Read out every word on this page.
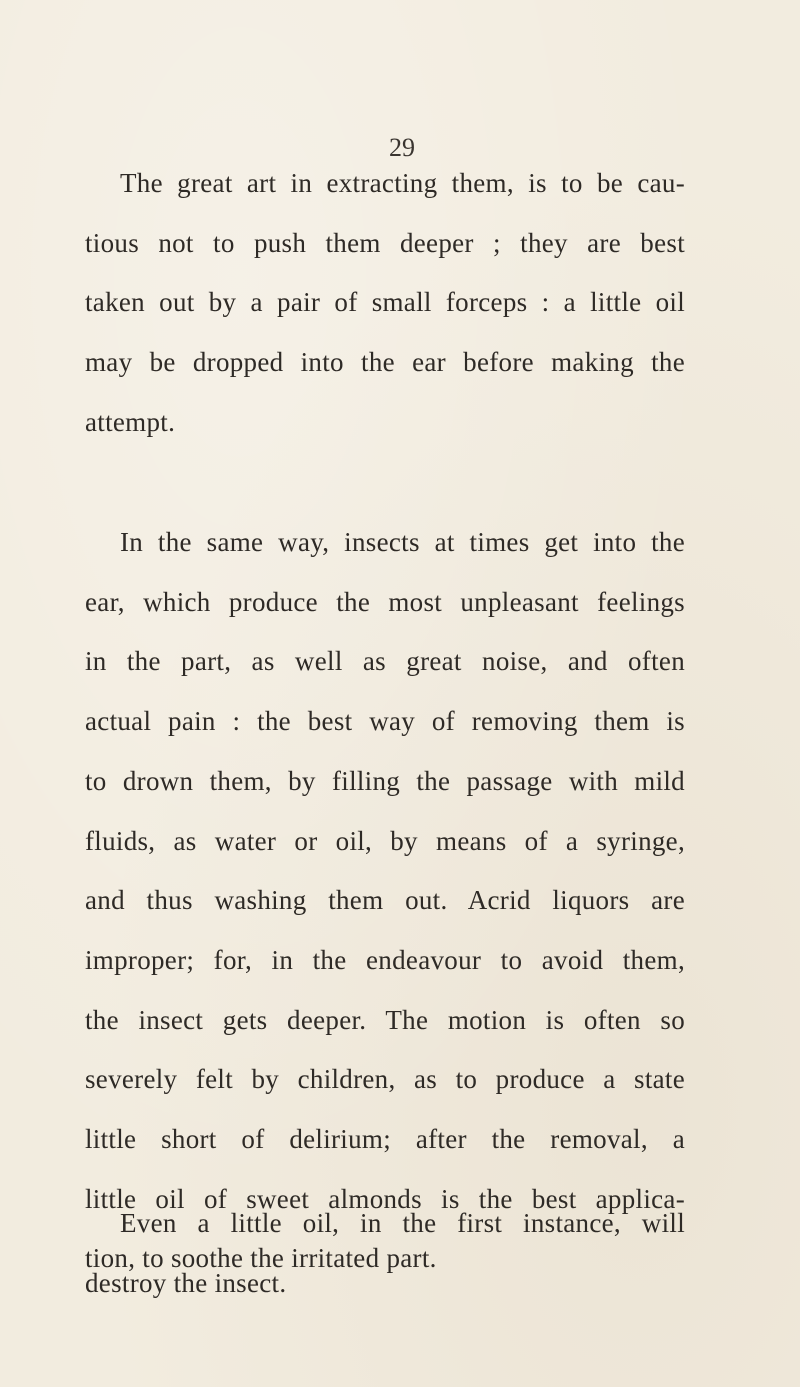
29
The great art in extracting them, is to be cau-
tious not to push them deeper ; they are best
taken out by a pair of small forceps : a little oil
may be dropped into the ear before making the
attempt.
In the same way, insects at times get into the
ear, which produce the most unpleasant feelings
in the part, as well as great noise, and often
actual pain : the best way of removing them is
to drown them, by filling the passage with mild
fluids, as water or oil, by means of a syringe,
and thus washing them out. Acrid liquors are
improper; for, in the endeavour to avoid them,
the insect gets deeper. The motion is often so
severely felt by children, as to produce a state
little short of delirium; after the removal, a
little oil of sweet almonds is the best applica-
tion, to soothe the irritated part.
Even a little oil, in the first instance, will
destroy the insect.
